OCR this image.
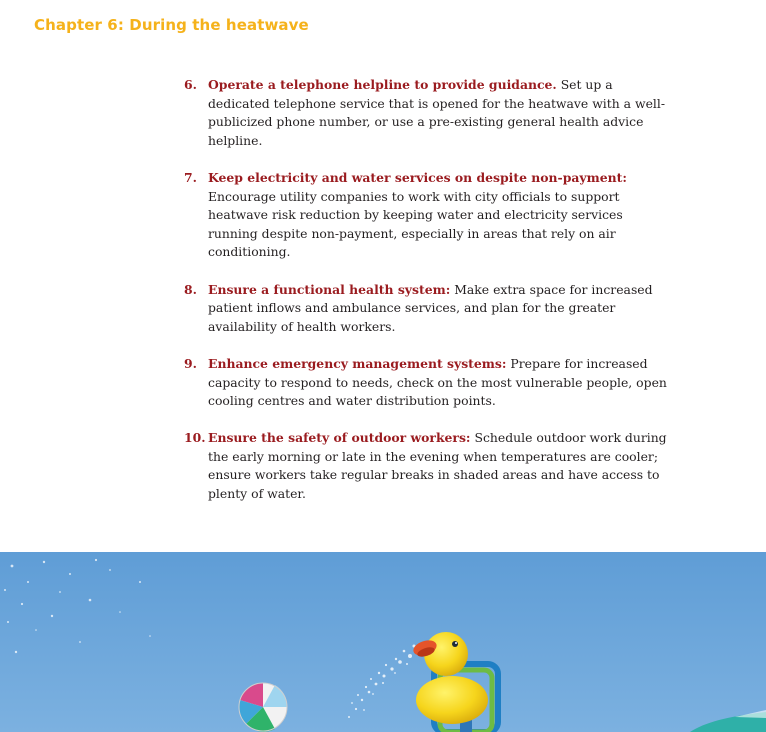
Chapter 6: During the heatwave
6. Operate a telephone helpline to provide guidance. Set up a dedicated telephone service that is opened for the heatwave with a well-publicized phone number, or use a pre-existing general health advice helpline.
7. Keep electricity and water services on despite non-payment: Encourage utility companies to work with city officials to support heatwave risk reduction by keeping water and electricity services running despite non-payment, especially in areas that rely on air conditioning.
8. Ensure a functional health system: Make extra space for increased patient inflows and ambulance services, and plan for the greater availability of health workers.
9. Enhance emergency management systems: Prepare for increased capacity to respond to needs, check on the most vulnerable people, open cooling centres and water distribution points.
10. Ensure the safety of outdoor workers: Schedule outdoor work during the early morning or late in the evening when temperatures are cooler; ensure workers take regular breaks in shaded areas and have access to plenty of water.
